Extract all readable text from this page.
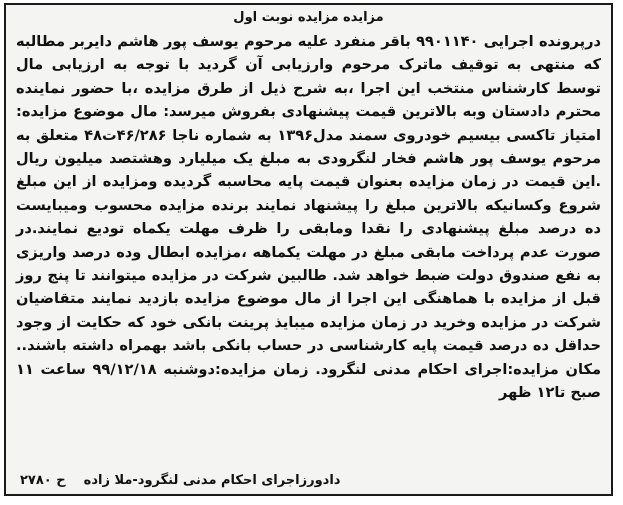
مزایده مزایده نوبت اول

درپرونده اجرایی ۹۹۰۱۱۴۰ باقر منفرد علیه مرحوم یوسف پور هاشم دایربر مطالبه که منتهی به توقیف ماترک مرحوم وارزیابی آن گردید با توجه به ارزیابی مال توسط کارشناس منتخب این اجرا ،به شرح ذیل از طرق مزایده ،با حضور نماینده محترم دادستان وبه بالاترین قیمت پیشنهادی بفروش میرسد: مال موضوع مزایده: امتیاز تاکسی بیسیم خودروی سمند مدل۱۳۹۶ به شماره ناجا ۴۶/۲۸۶ت۴۸ متعلق به مرحوم یوسف پور هاشم فخار لنگرودی به مبلغ یک میلیارد وهشتصد میلیون ریال .این قیمت در زمان مزایده بعنوان قیمت پایه محاسبه گردیده ومزایده از این مبلغ شروع وکسانیکه بالاترین مبلغ را پیشنهاد نمایند برنده مزایده محسوب ومیبایست ده درصد مبلغ پیشنهادی را نقدا ومابقی را ظرف مهلت یکماه تودیع نمایند.در صورت عدم پرداخت مابقی مبلغ در مهلت یکماهه ،مزایده ابطال وده درصد واریزی به نفع صندوق دولت ضبط خواهد شد. طالبین شرکت در مزایده میتوانند تا پنج روز قبل از مزایده با هماهنگی این اجرا از مال موضوع مزایده بازدید نمایند متقاضیان شرکت در مزایده وخرید در زمان مزایده میبایذ پرینت بانکی خود که حکایت از وجود حداقل ده درصد قیمت پایه کارشناسی در حساب بانکی باشد بهمراه داشته باشند.. مکان مزایده:اجرای احکام مدنی لنگرود. زمان مزایده:دوشنبه ۹۹/۱۲/۱۸ ساعت ۱۱ صبح تا۱۲ ظهر

ح ۲۷۸۰ دادورزاجرای احکام مدنی لنگرود-ملا زاده
